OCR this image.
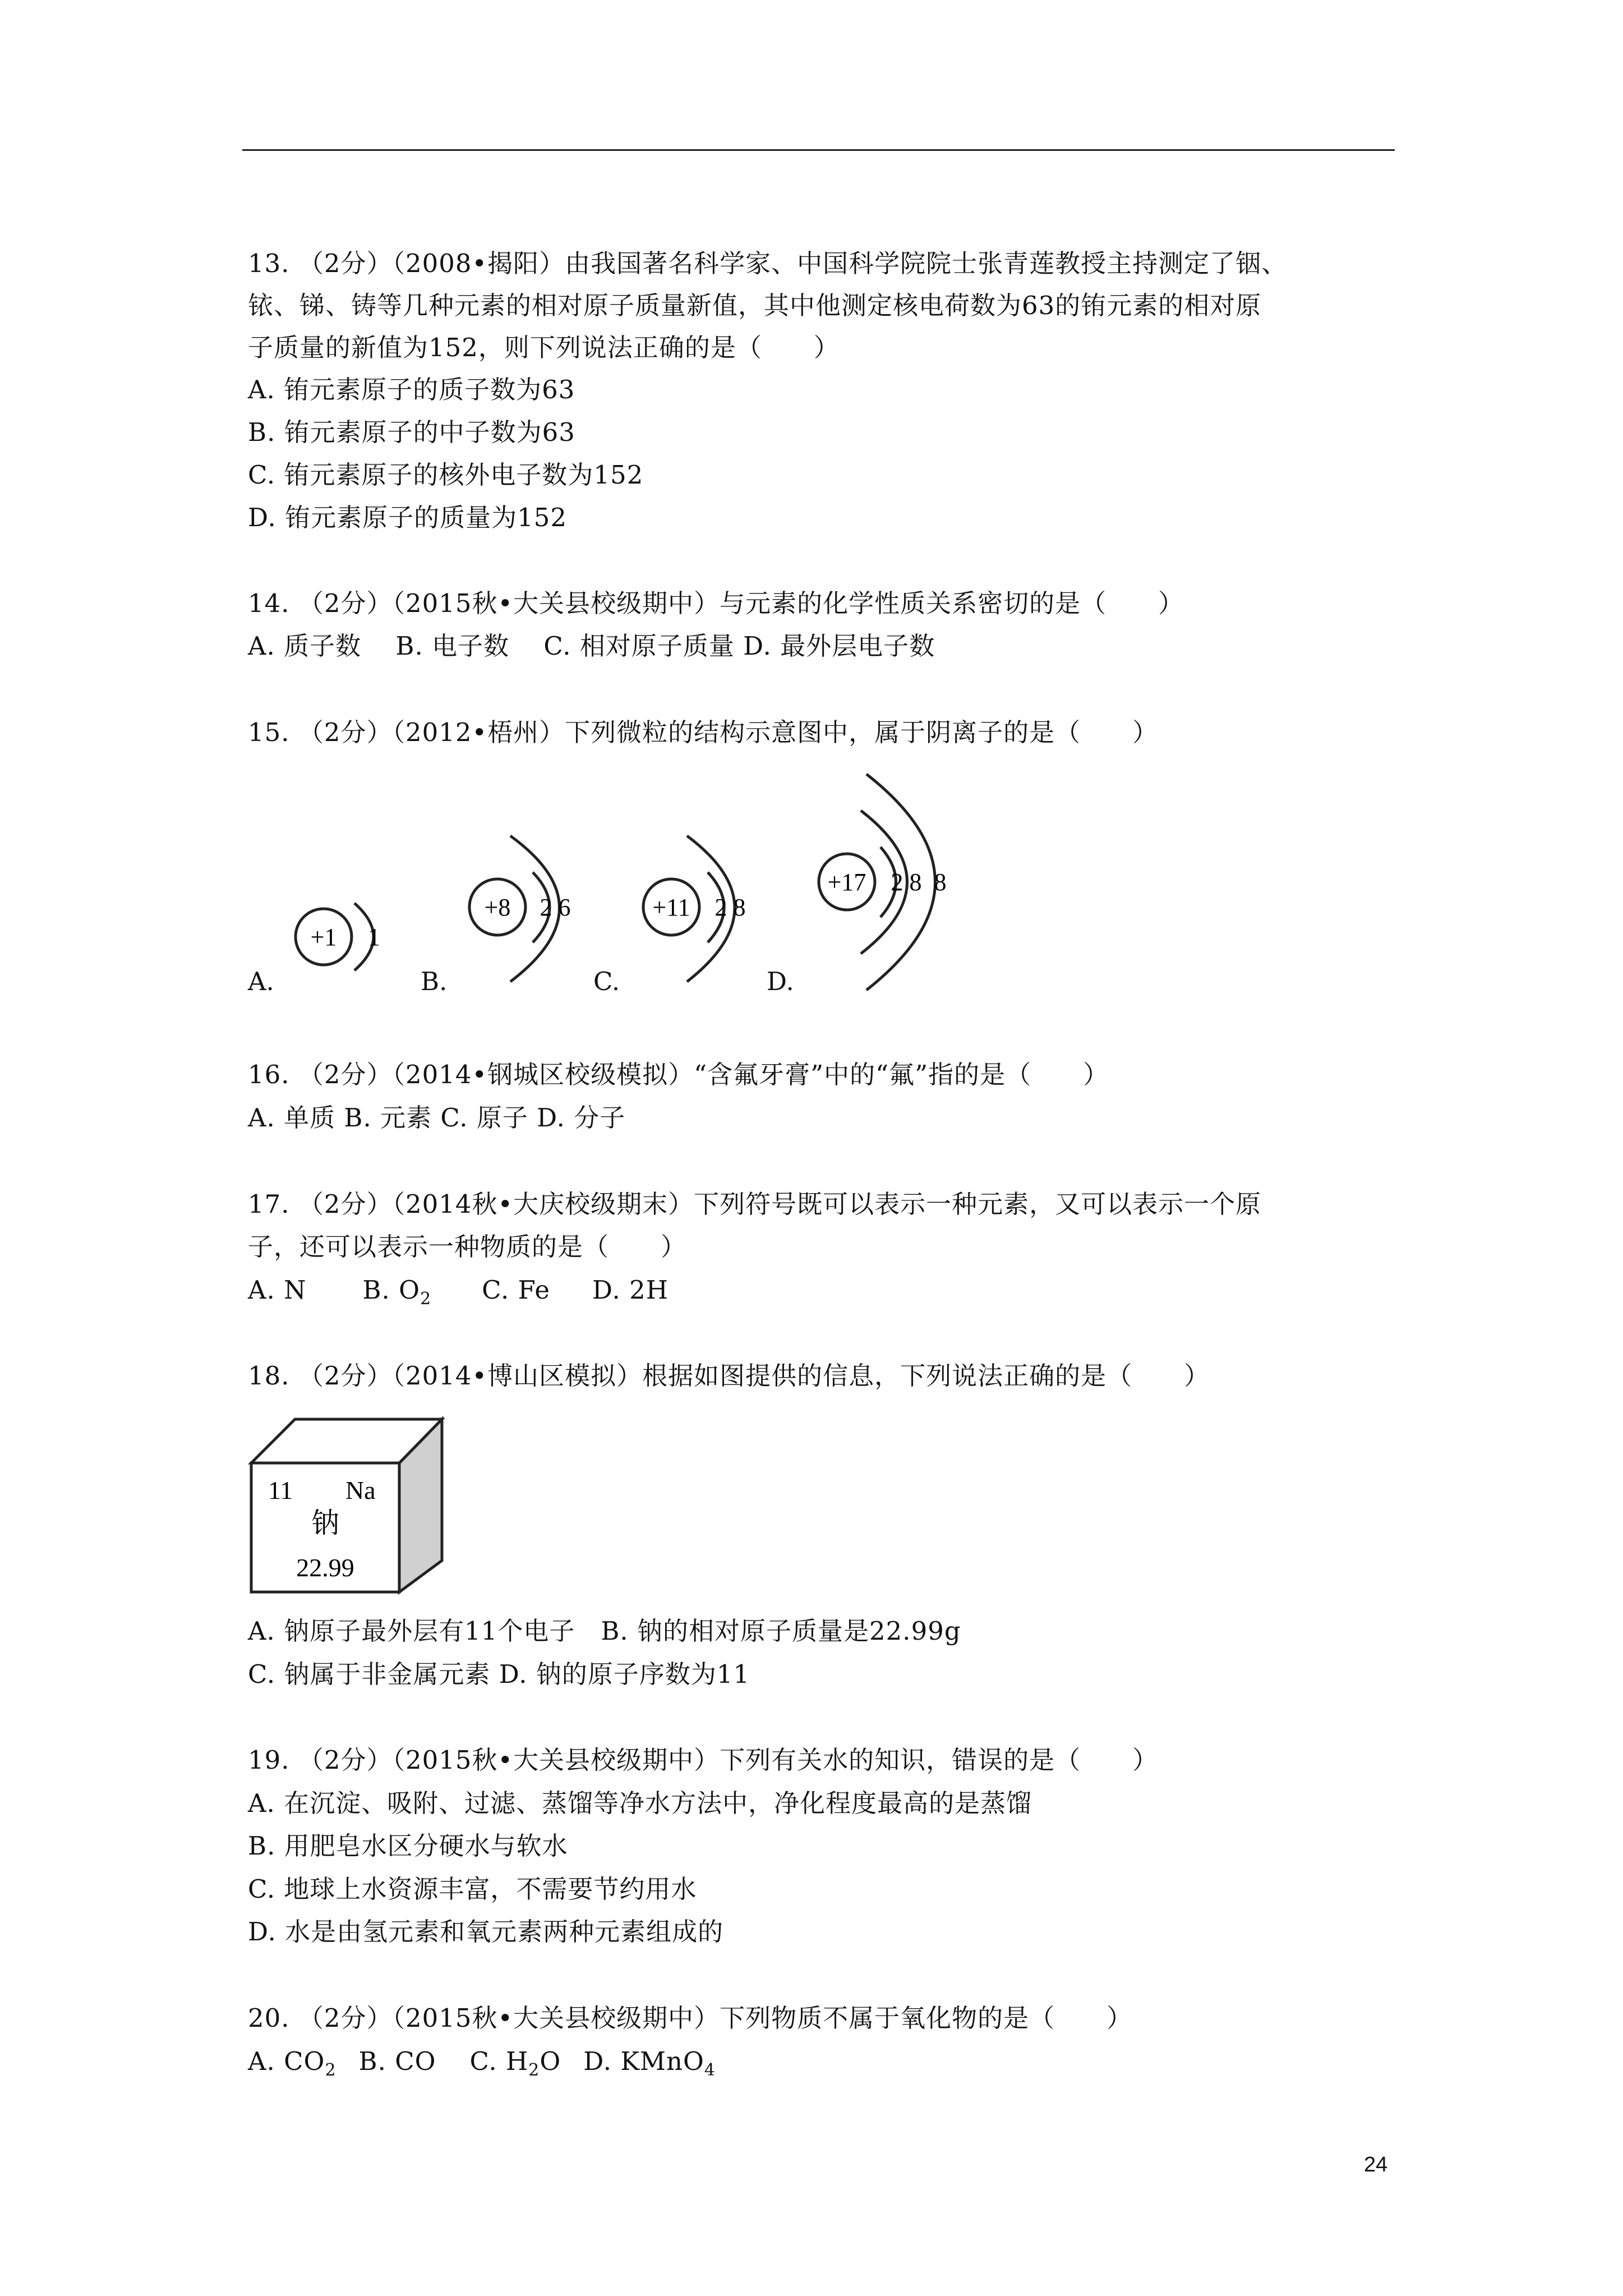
13. （2分）（2008•揭阳）由我国著名科学家、中国科学院院士张青莲教授主持测定了铟、
铱、锑、铸等几种元素的相对原子质量新值，其中他测定核电荷数为63的铕元素的相对原
子质量的新值为152，则下列说法正确的是（　　）
A. 铕元素原子的质子数为63
B. 铕元素原子的中子数为63
C. 铕元素原子的核外电子数为152
D. 铕元素原子的质量为152
14. （2分）（2015秋•大关县校级期中）与元素的化学性质关系密切的是（　　）
A. 质子数　 B. 电子数　 C. 相对原子质量 D. 最外层电子数
15. （2分）（2012•梧州）下列微粒的结构示意图中，属于阴离子的是（　　）
+1 1
+8 2 6	+11 2 8
+17 2 8  8
A.	B.	C.	D.
16. （2分）（2014•钢城区校级模拟）“含氟牙膏”中的“氟”指的是（　　）
A. 单质 B. 元素 C. 原子 D. 分子
17. （2分）（2014秋•大庆校级期末）下列符号既可以表示一种元素，又可以表示一个原
子，还可以表示一种物质的是（　　）
A. N B. $O_2$ C. Fe D. 2H
18. （2分）（2014•博山区模拟）根据如图提供的信息，下列说法正确的是（　　）
11 Na
钠
22.99
A. 钠原子最外层有11个电子　B. 钠的相对原子质量是22.99g
C. 钠属于非金属元素 D. 钠的原子序数为11
19. （2分）（2015秋•大关县校级期中）下列有关水的知识，错误的是（　　）
A. 在沉淀、吸附、过滤、蒸馏等净水方法中，净化程度最高的是蒸馏
B. 用肥皂水区分硬水与软水
C. 地球上水资源丰富，不需要节约用水
D. 水是由氢元素和氧元素两种元素组成的
20. （2分）（2015秋•大关县校级期中）下列物质不属于氧化物的是（　　）
A. $CO_2$ B. CO C. $H_2O$ D. KMnO$_4$
24
